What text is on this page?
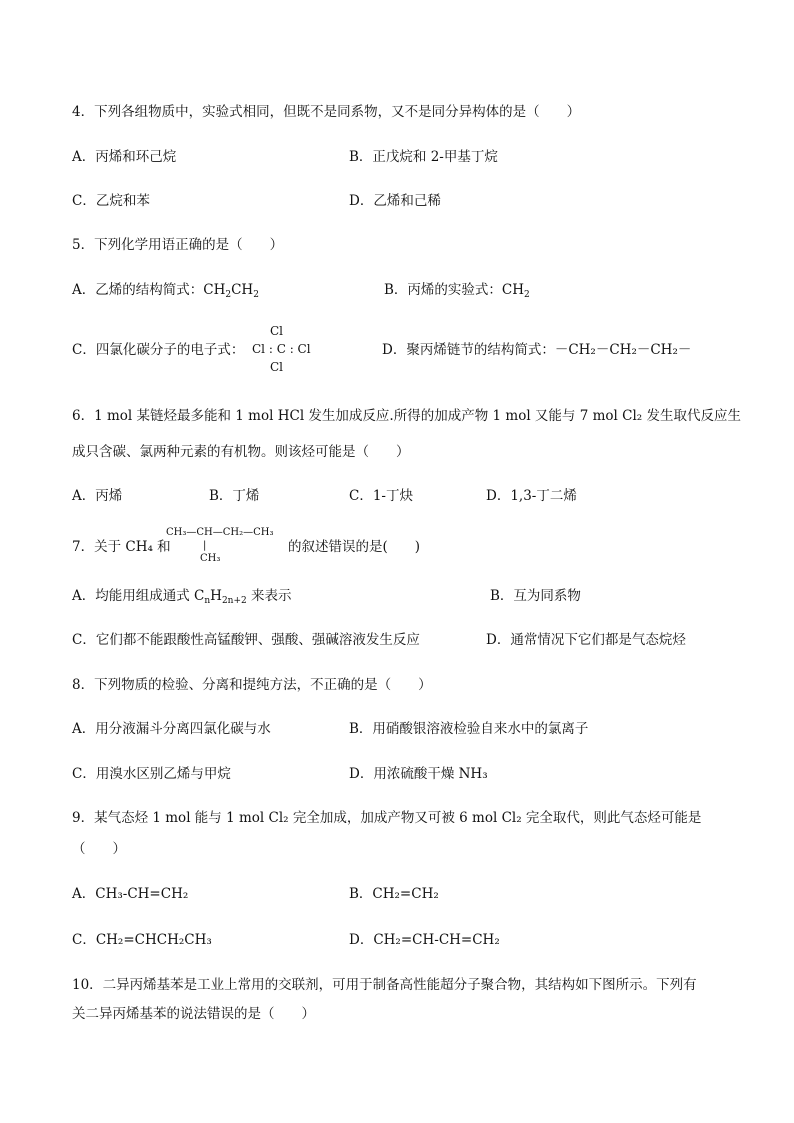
4．下列各组物质中，实验式相同，但既不是同系物，又不是同分异构体的是（　　）
A．丙烯和环己烷	B．正戊烷和 2-甲基丁烷
C．乙烷和苯	D．乙烯和己稀
5．下列化学用语正确的是（　　）
A．乙烯的结构简式：$CH_2CH_2$	B．丙烯的实验式：$CH_2$
C．四氯化碳分子的电子式：
Cl
Cl : C : Cl
Cl
D．聚丙烯链节的结构简式：－CH₂－CH₂－CH₂－
6．1 mol 某链烃最多能和 1 mol HCl 发生加成反应.所得的加成产物 1 mol 又能与 7 mol Cl₂ 发生取代反应生
成只含碳、氯两种元素的有机物。则该烃可能是（　　）
A．丙烯	B．丁烯	C．1-丁炔	D．1,3-丁二烯
7．关于 CH₄ 和
CH₃—CH—CH₂—CH₃
|
CH₃
的叙述错误的是(　　)
A．均能用组成通式 $C_nH_{2n+2}$ 来表示	B．互为同系物
C．它们都不能跟酸性高锰酸钾、强酸、强碱溶液发生反应	D．通常情况下它们都是气态烷烃
8．下列物质的检验、分离和提纯方法，不正确的是（　　）
A．用分液漏斗分离四氯化碳与水	B．用硝酸银溶液检验自来水中的氯离子
C．用溴水区别乙烯与甲烷	D．用浓硫酸干燥 NH₃
9．某气态烃 1 mol 能与 1 mol Cl₂ 完全加成，加成产物又可被 6 mol Cl₂ 完全取代，则此气态烃可能是
（　　）
A．CH₃-CH=CH₂	B．CH₂=CH₂
C．CH₂=CHCH₂CH₃	D．CH₂=CH-CH=CH₂
10．二异丙烯基苯是工业上常用的交联剂，可用于制备高性能超分子聚合物，其结构如下图所示。下列有
关二异丙烯基苯的说法错误的是（　　）
